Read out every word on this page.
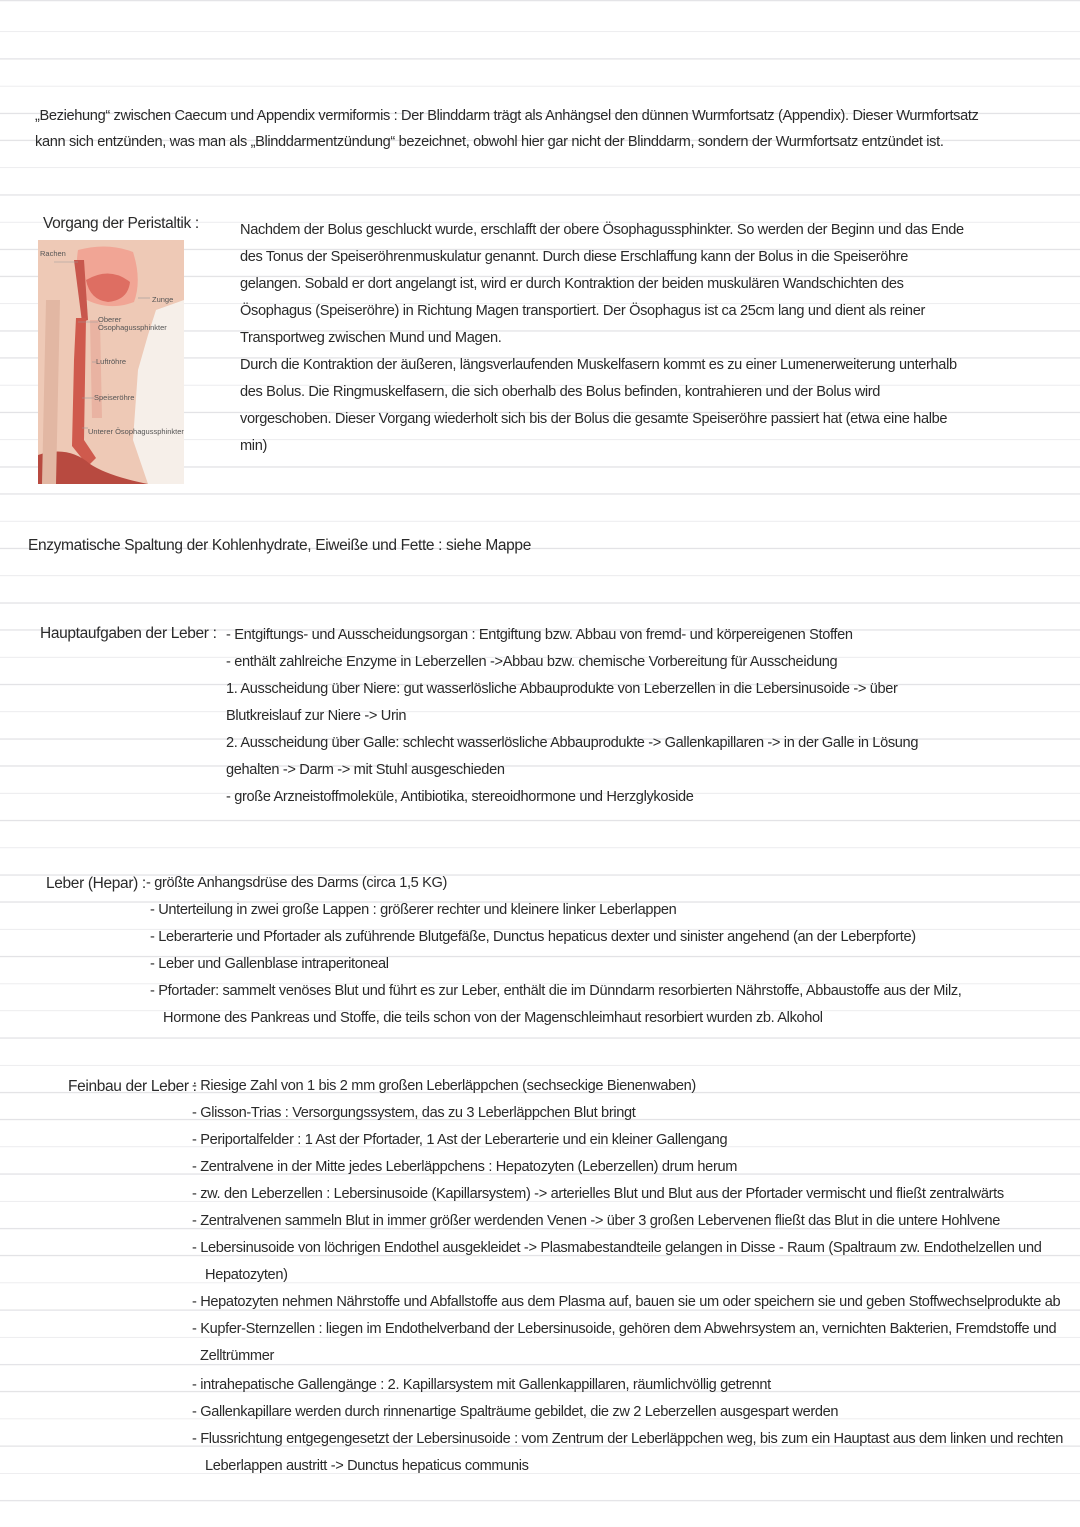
„Beziehung“ zwischen Caecum und Appendix vermiformis : Der Blinddarm trägt als Anhängsel den dünnen Wurmfortsatz (Appendix). Dieser Wurmfortsatz
kann sich entzünden, was man als „Blinddarmentzündung“ bezeichnet, obwohl hier gar nicht der Blinddarm, sondern der Wurmfortsatz entzündet ist.
Vorgang der Peristaltik :
Rachen
Zunge
Oberer
Ösophagussphinkter
Luftröhre
Speiseröhre
Unterer Ösophagussphinkter
Nachdem der Bolus geschluckt wurde, erschlafft der obere Ösophagussphinkter. So werden der Beginn und das Ende
des Tonus der Speiseröhrenmuskulatur genannt. Durch diese Erschlaffung kann der Bolus in die Speiseröhre
gelangen. Sobald er dort angelangt ist, wird er durch Kontraktion der beiden muskulären Wandschichten des
Ösophagus (Speiseröhre) in Richtung Magen transportiert. Der Ösophagus ist ca 25cm lang und dient als reiner
Transportweg zwischen Mund und Magen.
Durch die Kontraktion der äußeren, längsverlaufenden Muskelfasern kommt es zu einer Lumenerweiterung unterhalb
des Bolus. Die Ringmuskelfasern, die sich oberhalb des Bolus befinden, kontrahieren und der Bolus wird
vorgeschoben. Dieser Vorgang wiederholt sich bis der Bolus die gesamte Speiseröhre passiert hat (etwa eine halbe
min)
Enzymatische Spaltung der Kohlenhydrate, Eiweiße und Fette : siehe Mappe
Hauptaufgaben der Leber : - Entgiftungs- und Ausscheidungsorgan : Entgiftung bzw. Abbau von fremd- und körpereigenen Stoffen
- enthält zahlreiche Enzyme in Leberzellen ->Abbau bzw. chemische Vorbereitung für Ausscheidung
1. Ausscheidung über Niere: gut wasserlösliche Abbauprodukte von Leberzellen in die Lebersinusoide -> über
Blutkreislauf zur Niere -> Urin
2. Ausscheidung über Galle: schlecht wasserlösliche Abbauprodukte -> Gallenkapillaren -> in der Galle in Lösung
gehalten -> Darm -> mit Stuhl ausgeschieden
- große Arzneistoffmoleküle, Antibiotika, stereoidhormone und Herzglykoside
Leber (Hepar) : - größte Anhangsdrüse des Darms (circa 1,5 KG)
- Unterteilung in zwei große Lappen : größerer rechter und kleinere linker Leberlappen
- Leberarterie und Pfortader als zuführende Blutgefäße, Dunctus hepaticus dexter und sinister angehend (an der Leberpforte)
- Leber und Gallenblase intraperitoneal
- Pfortader: sammelt venöses Blut und führt es zur Leber, enthält die im Dünndarm resorbierten Nährstoffe, Abbaustoffe aus der Milz,
Hormone des Pankreas und Stoffe, die teils schon von der Magenschleimhaut resorbiert wurden zb. Alkohol
Feinbau der Leber :
- Riesige Zahl von 1 bis 2 mm großen Leberläppchen (sechseckige Bienenwaben)
- Glisson-Trias : Versorgungssystem, das zu 3 Leberläppchen Blut bringt
- Periportalfelder : 1 Ast der Pfortader, 1 Ast der Leberarterie und ein kleiner Gallengang
- Zentralvene in der Mitte jedes Leberläppchens : Hepatozyten (Leberzellen) drum herum
- zw. den Leberzellen : Lebersinusoide (Kapillarsystem) -> arterielles Blut und Blut aus der Pfortader vermischt und fließt zentralwärts
- Zentralvenen sammeln Blut in immer größer werdenden Venen -> über 3 großen Lebervenen fließt das Blut in die untere Hohlvene
- Lebersinusoide von löchrigen Endothel ausgekleidet -> Plasmabestandteile gelangen in Disse - Raum (Spaltraum zw. Endothelzellen und
Hepatozyten)
- Hepatozyten nehmen Nährstoffe und Abfallstoffe aus dem Plasma auf, bauen sie um oder speichern sie und geben Stoffwechselprodukte ab
- Kupfer-Sternzellen : liegen im Endothelverband der Lebersinusoide, gehören dem Abwehrsystem an, vernichten Bakterien, Fremdstoffe und
Zelltrümmer
- intrahepatische Gallengänge : 2. Kapillarsystem mit Gallenkappillaren, räumlichvöllig getrennt
- Gallenkapillare werden durch rinnenartige Spalträume gebildet, die zw 2 Leberzellen ausgespart werden
- Flussrichtung entgegengesetzt der Lebersinusoide : vom Zentrum der Leberläppchen weg, bis zum ein Hauptast aus dem linken und rechten
Leberlappen austritt -> Dunctus hepaticus communis
